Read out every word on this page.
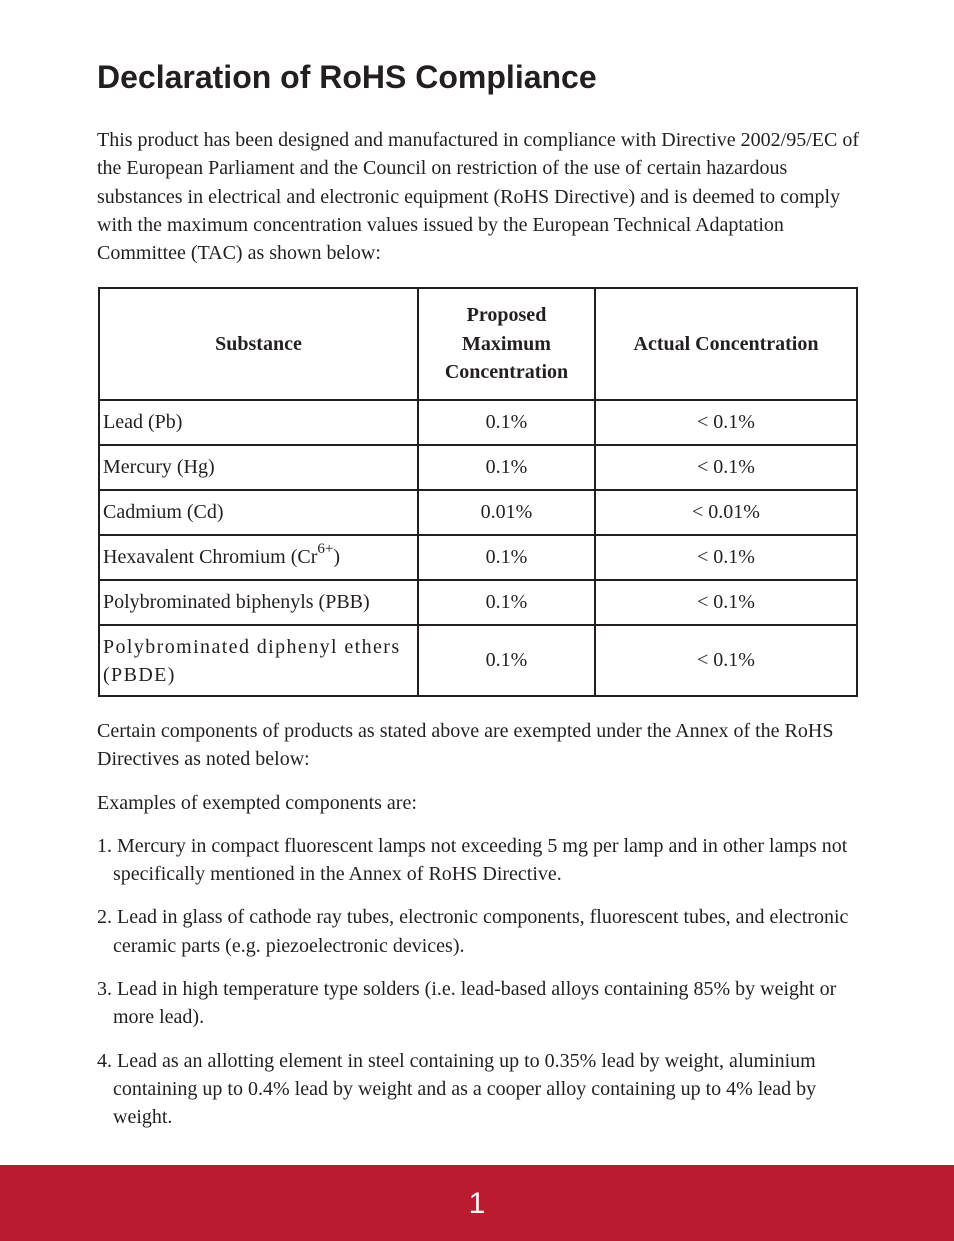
Declaration of RoHS Compliance

This product has been designed and manufactured in compliance with Directive 2002/95/EC of the European Parliament and the Council on restriction of the use of certain hazardous substances in electrical and electronic equipment (RoHS Directive) and is deemed to comply with the maximum concentration values issued by the European Technical Adaptation Committee (TAC) as shown below:

Substance	Proposed Maximum Concentration	Actual Concentration
Lead (Pb)	0.1%	< 0.1%
Mercury (Hg)	0.1%	< 0.1%
Cadmium (Cd)	0.01%	< 0.01%
Hexavalent Chromium $(Cr^{6+})$	0.1%	< 0.1%
Polybrominated biphenyls (PBB)	0.1%	< 0.1%
Polybrominated diphenyl ethers (PBDE)	0.1%	< 0.1%

Certain components of products as stated above are exempted under the Annex of the RoHS Directives as noted below:

Examples of exempted components are:

1. Mercury in compact fluorescent lamps not exceeding 5 mg per lamp and in other lamps not specifically mentioned in the Annex of RoHS Directive.
2. Lead in glass of cathode ray tubes, electronic components, fluorescent tubes, and electronic ceramic parts (e.g. piezoelectronic devices).
3. Lead in high temperature type solders (i.e. lead-based alloys containing 85% by weight or more lead).
4. Lead as an allotting element in steel containing up to 0.35% lead by weight, aluminium containing up to 0.4% lead by weight and as a cooper alloy containing up to 4% lead by weight.
1
